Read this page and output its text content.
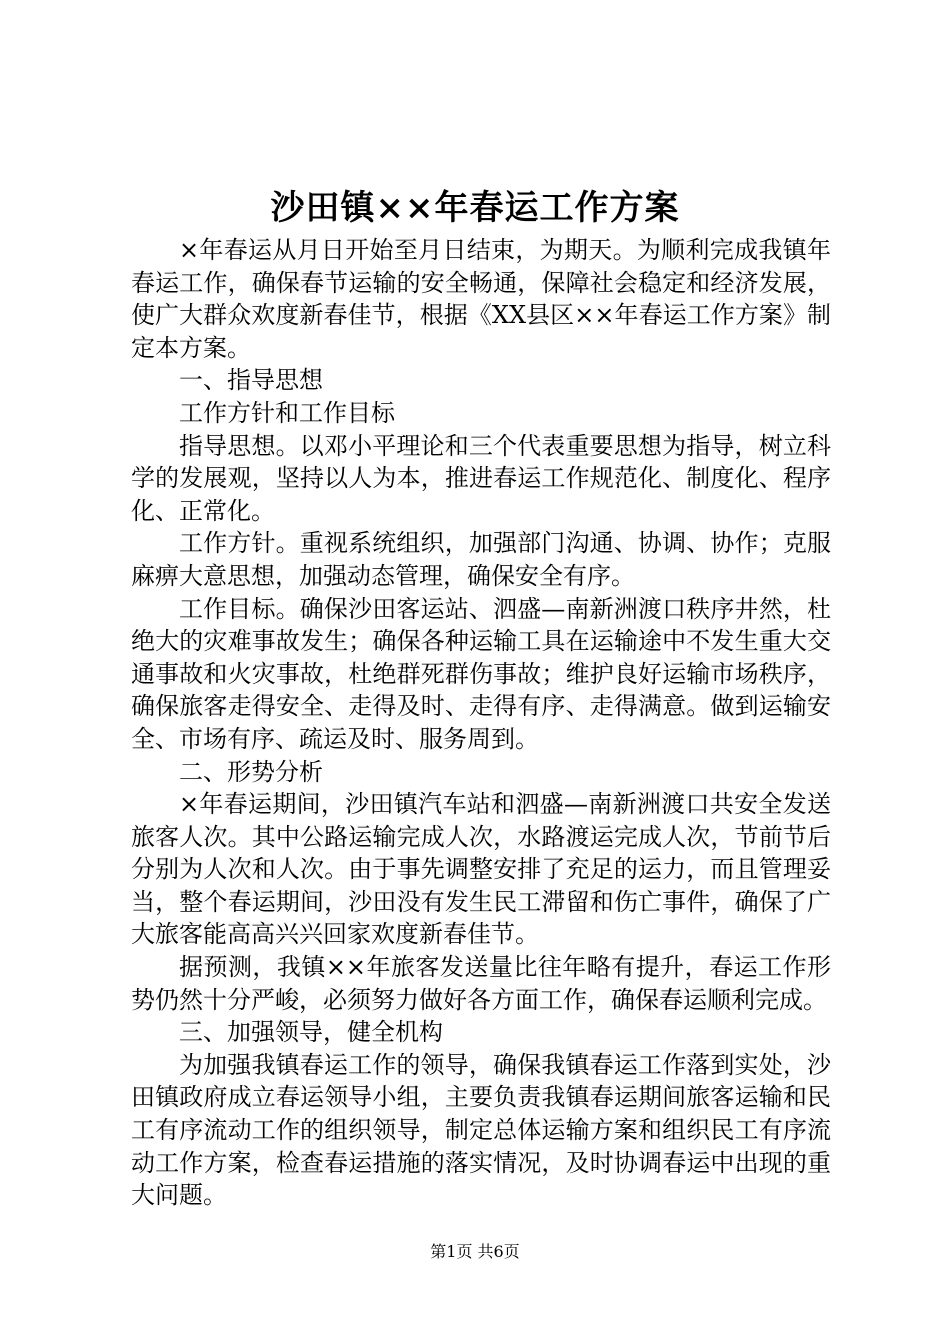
沙田镇××年春运工作方案

×年春运从月日开始至月日结束，为期天。为顺利完成我镇年春运工作，确保春节运输的安全畅通，保障社会稳定和经济发展，使广大群众欢度新春佳节，根据《XX县区××年春运工作方案》制定本方案。

一、指导思想

工作方针和工作目标

指导思想。以邓小平理论和三个代表重要思想为指导，树立科学的发展观，坚持以人为本，推进春运工作规范化、制度化、程序化、正常化。

工作方针。重视系统组织，加强部门沟通、协调、协作；克服麻痹大意思想，加强动态管理，确保安全有序。

工作目标。确保沙田客运站、泗盛—南新洲渡口秩序井然，杜绝大的灾难事故发生；确保各种运输工具在运输途中不发生重大交通事故和火灾事故，杜绝群死群伤事故；维护良好运输市场秩序，确保旅客走得安全、走得及时、走得有序、走得满意。做到运输安全、市场有序、疏运及时、服务周到。

二、形势分析

×年春运期间，沙田镇汽车站和泗盛—南新洲渡口共安全发送旅客人次。其中公路运输完成人次，水路渡运完成人次，节前节后分别为人次和人次。由于事先调整安排了充足的运力，而且管理妥当，整个春运期间，沙田没有发生民工滞留和伤亡事件，确保了广大旅客能高高兴兴回家欢度新春佳节。

据预测，我镇××年旅客发送量比往年略有提升，春运工作形势仍然十分严峻，必须努力做好各方面工作，确保春运顺利完成。

三、加强领导，健全机构

为加强我镇春运工作的领导，确保我镇春运工作落到实处，沙田镇政府成立春运领导小组，主要负责我镇春运期间旅客运输和民工有序流动工作的组织领导，制定总体运输方案和组织民工有序流动工作方案，检查春运措施的落实情况，及时协调春运中出现的重大问题。

第1页 共6页
